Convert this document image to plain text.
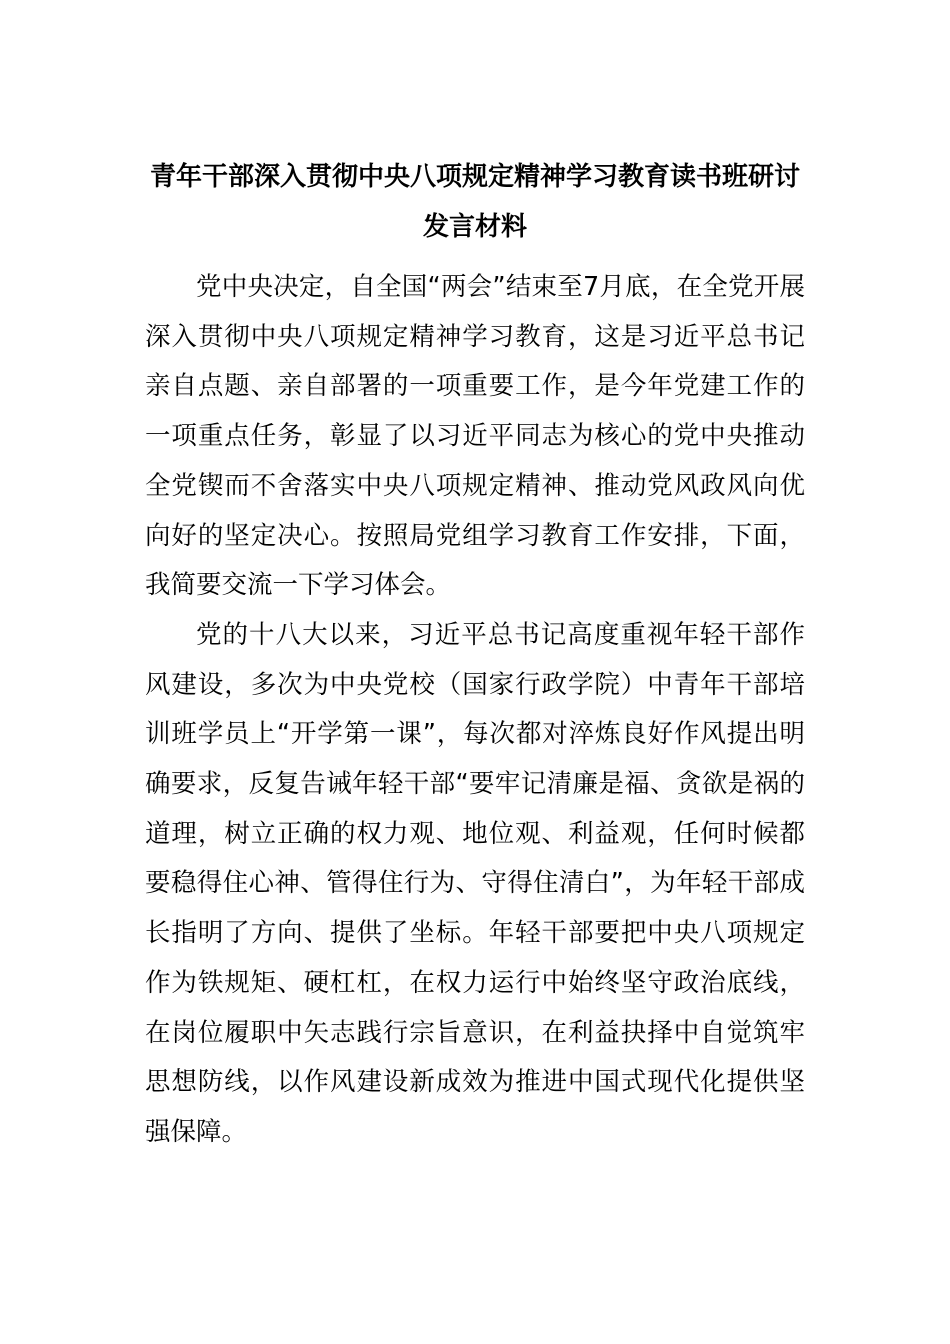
青年干部深入贯彻中央八项规定精神学习教育读书班研讨
发言材料

党中央决定，自全国“两会”结束至7月底，在全党开展深入贯彻中央八项规定精神学习教育，这是习近平总书记亲自点题、亲自部署的一项重要工作，是今年党建工作的一项重点任务，彰显了以习近平同志为核心的党中央推动全党锲而不舍落实中央八项规定精神、推动党风政风向优向好的坚定决心。按照局党组学习教育工作安排，下面，我简要交流一下学习体会。

党的十八大以来，习近平总书记高度重视年轻干部作风建设，多次为中央党校（国家行政学院）中青年干部培训班学员上“开学第一课”，每次都对淬炼良好作风提出明确要求，反复告诫年轻干部“要牢记清廉是福、贪欲是祸的道理，树立正确的权力观、地位观、利益观，任何时候都要稳得住心神、管得住行为、守得住清白”，为年轻干部成长指明了方向、提供了坐标。年轻干部要把中央八项规定作为铁规矩、硬杠杠，在权力运行中始终坚守政治底线，在岗位履职中矢志践行宗旨意识，在利益抉择中自觉筑牢思想防线，以作风建设新成效为推进中国式现代化提供坚强保障。
